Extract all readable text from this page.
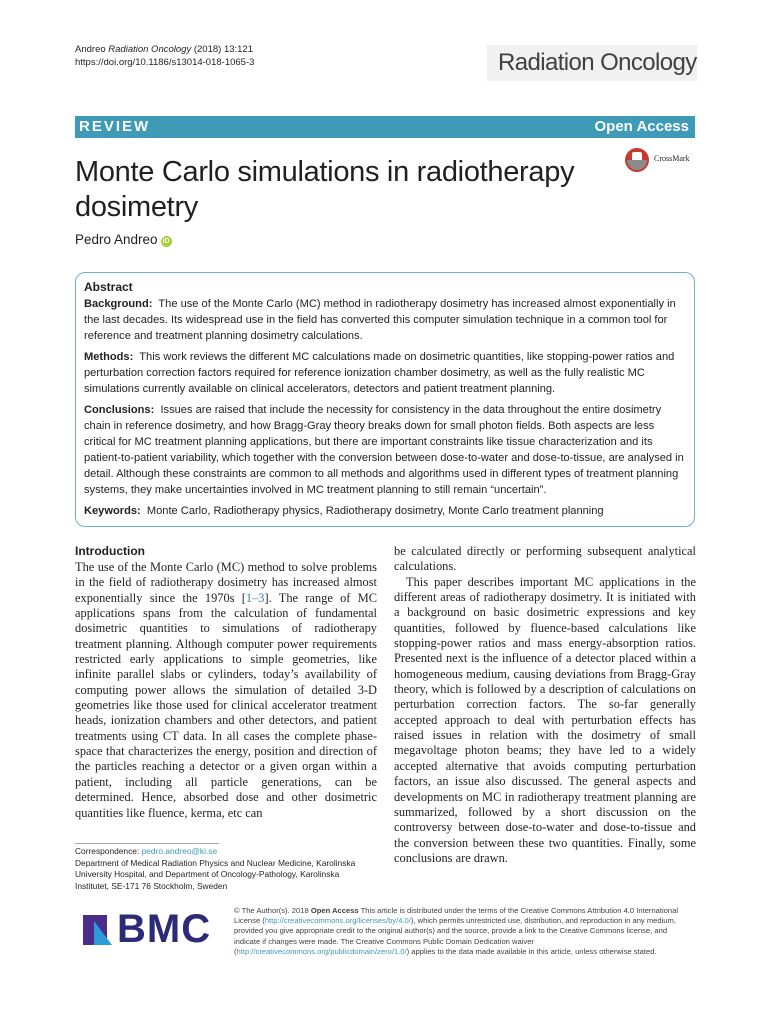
Andreo Radiation Oncology (2018) 13:121
https://doi.org/10.1186/s13014-018-1065-3	Radiation Oncology
REVIEW	Open Access
Monte Carlo simulations in radiotherapy dosimetry
CrossMark
Pedro Andreo iD
Abstract

Background: The use of the Monte Carlo (MC) method in radiotherapy dosimetry has increased almost exponentially in the last decades. Its widespread use in the field has converted this computer simulation technique in a common tool for reference and treatment planning dosimetry calculations.

Methods: This work reviews the different MC calculations made on dosimetric quantities, like stopping-power ratios and perturbation correction factors required for reference ionization chamber dosimetry, as well as the fully realistic MC simulations currently available on clinical accelerators, detectors and patient treatment planning.

Conclusions: Issues are raised that include the necessity for consistency in the data throughout the entire dosimetry chain in reference dosimetry, and how Bragg-Gray theory breaks down for small photon fields. Both aspects are less critical for MC treatment planning applications, but there are important constraints like tissue characterization and its patient-to-patient variability, which together with the conversion between dose-to-water and dose-to-tissue, are analysed in detail. Although these constraints are common to all methods and algorithms used in different types of treatment planning systems, they make uncertainties involved in MC treatment planning to still remain “uncertain”.

Keywords: Monte Carlo, Radiotherapy physics, Radiotherapy dosimetry, Monte Carlo treatment planning

Introduction

The use of the Monte Carlo (MC) method to solve problems in the field of radiotherapy dosimetry has increased almost exponentially since the 1970s [1–3]. The range of MC applications spans from the calculation of fundamental dosimetric quantities to simulations of radiotherapy treatment planning. Although computer power requirements restricted early applications to simple geometries, like infinite parallel slabs or cylinders, today’s availability of computing power allows the simulation of detailed 3-D geometries like those used for clinical accelerator treatment heads, ionization chambers and other detectors, and patient treatments using CT data. In all cases the complete phase-space that characterizes the energy, position and direction of the particles reaching a detector or a given organ within a patient, including all particle generations, can be determined. Hence, absorbed dose and other dosimetric quantities like fluence, kerma, etc can

be calculated directly or performing subsequent analytical calculations.

This paper describes important MC applications in the different areas of radiotherapy dosimetry. It is initiated with a background on basic dosimetric expressions and key quantities, followed by fluence-based calculations like stopping-power ratios and mass energy-absorption ratios. Presented next is the influence of a detector placed within a homogeneous medium, causing deviations from Bragg-Gray theory, which is followed by a description of calculations on perturbation correction factors. The so-far generally accepted approach to deal with perturbation effects has raised issues in relation with the dosimetry of small megavoltage photon beams; they have led to a widely accepted alternative that avoids computing perturbation factors, an issue also discussed. The general aspects and developments on MC in radiotherapy treatment planning are summarized, followed by a short discussion on the controversy between dose-to-water and dose-to-tissue and the conversion between these two quantities. Finally, some conclusions are drawn.

Correspondence: pedro.andreo@ki.se
Department of Medical Radiation Physics and Nuclear Medicine, Karolinska University Hospital, and Department of Oncology-Pathology, Karolinska Institutet, SE-171 76 Stockholm, Sweden
BMC	© The Author(s). 2018 Open Access This article is distributed under the terms of the Creative Commons Attribution 4.0 International License (http://creativecommons.org/licenses/by/4.0/), which permits unrestricted use, distribution, and reproduction in any medium, provided you give appropriate credit to the original author(s) and the source, provide a link to the Creative Commons license, and indicate if changes were made. The Creative Commons Public Domain Dedication waiver (http://creativecommons.org/publicdomain/zero/1.0/) applies to the data made available in this article, unless otherwise stated.
